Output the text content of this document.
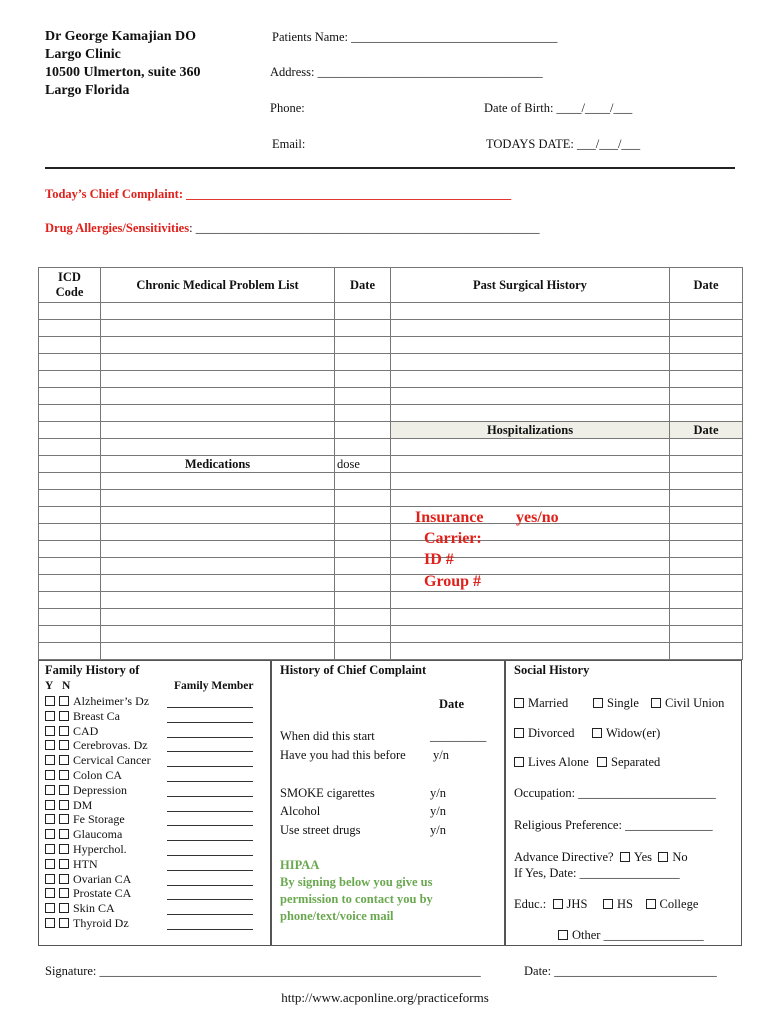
Dr George Kamajian DO
Largo Clinic
10500 Ulmerton, suite 360
Largo Florida
Patients Name: _________________________________
Address: ____________________________________
Phone:	Date of Birth: ____/____/___
Email:	TODAYS DATE: ___/___/___
Today’s Chief Complaint: ____________________________________________________
Drug Allergies/Sensitivities: _______________________________________________________
ICD
Code	Chronic Medical Problem List	Date	Past Surgical History	Date

			Hospitalizations	Date

	Medications	dose		

Insurance yes/no
Carrier:
ID #
Group #
Family History of
Y N	Family Member
Alzheimer’s Dz
Breast Ca
CAD
Cerebrovas. Dz
Cervical Cancer
Colon CA
Depression
DM
Fe Storage
Glaucoma
Hyperchol.
HTN
Ovarian CA
Prostate CA
Skin CA
Thyroid Dz
History of Chief Complaint
Date
When did this start	_________
Have you had this before y/n
SMOKE cigarettes	y/n
Alcohol	y/n
Use street drugs	y/n
HIPAA
By signing below you give us
permission to contact you by
phone/text/voice mail
Social History
Married	Single	Civil Union
Divorced	Widow(er)
Lives Alone	Separated
Occupation: ______________________
Religious Preference: ______________
Advance Directive? Yes No
If Yes, Date: ________________
Educ.: JHS HS College
Other ________________
Signature: _____________________________________________________________	Date: __________________________
http://www.acponline.org/practiceforms
